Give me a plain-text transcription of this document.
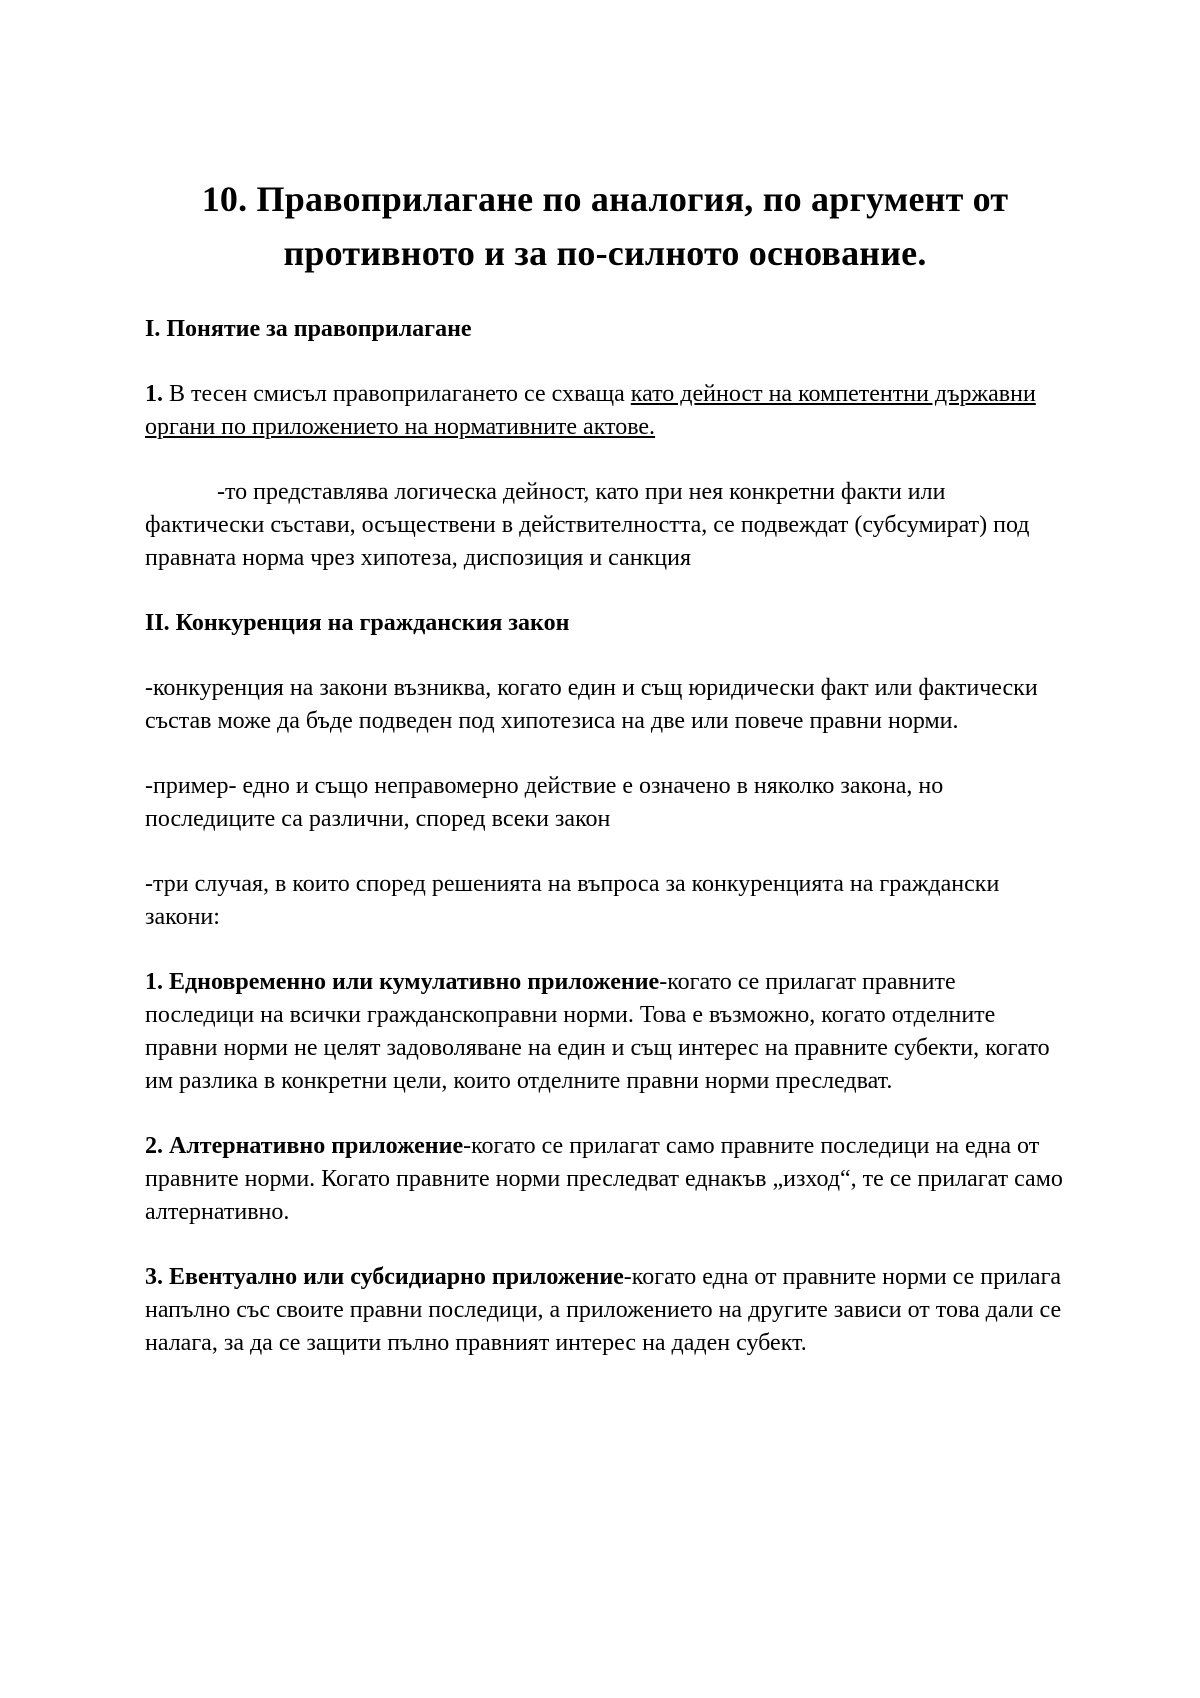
10. Правоприлагане по аналогия, по аргумент от
противното и за по-силното основание.

I. Понятие за правоприлагане

1. В тесен смисъл правоприлагането се схваща като дейност на компетентни държавни органи по приложението на нормативните актове.

-то представлява логическа дейност, като при нея конкретни факти или фактически състави, осъществени в действителността, се подвеждат (субсумират) под правната норма чрез хипотеза, диспозиция и санкция

II. Конкуренция на гражданския закон

-конкуренция на закони възниква, когато един и същ юридически факт или фактически състав може да бъде подведен под хипотезиса на две или повече правни норми.

-пример- едно и също неправомерно действие е означено в няколко закона, но последиците са различни, според всеки закон

-три случая, в които според решенията на въпроса за конкуренцията на граждански закони:

1. Едновременно или кумулативно приложение-когато се прилагат правните последици на всички гражданскоправни норми. Това е възможно, когато отделните правни норми не целят задоволяване на един и същ интерес на правните субекти, когато им разлика в конкретни цели, които отделните правни норми преследват.

2. Алтернативно приложение-когато се прилагат само правните последици на една от правните норми. Когато правните норми преследват еднакъв „изход“, те се прилагат само алтернативно.

3. Евентуално или субсидиарно приложение-когато една от правните норми се прилага напълно със своите правни последици, а приложението на другите зависи от това дали се налага, за да се защити пълно правният интерес на даден субект.
